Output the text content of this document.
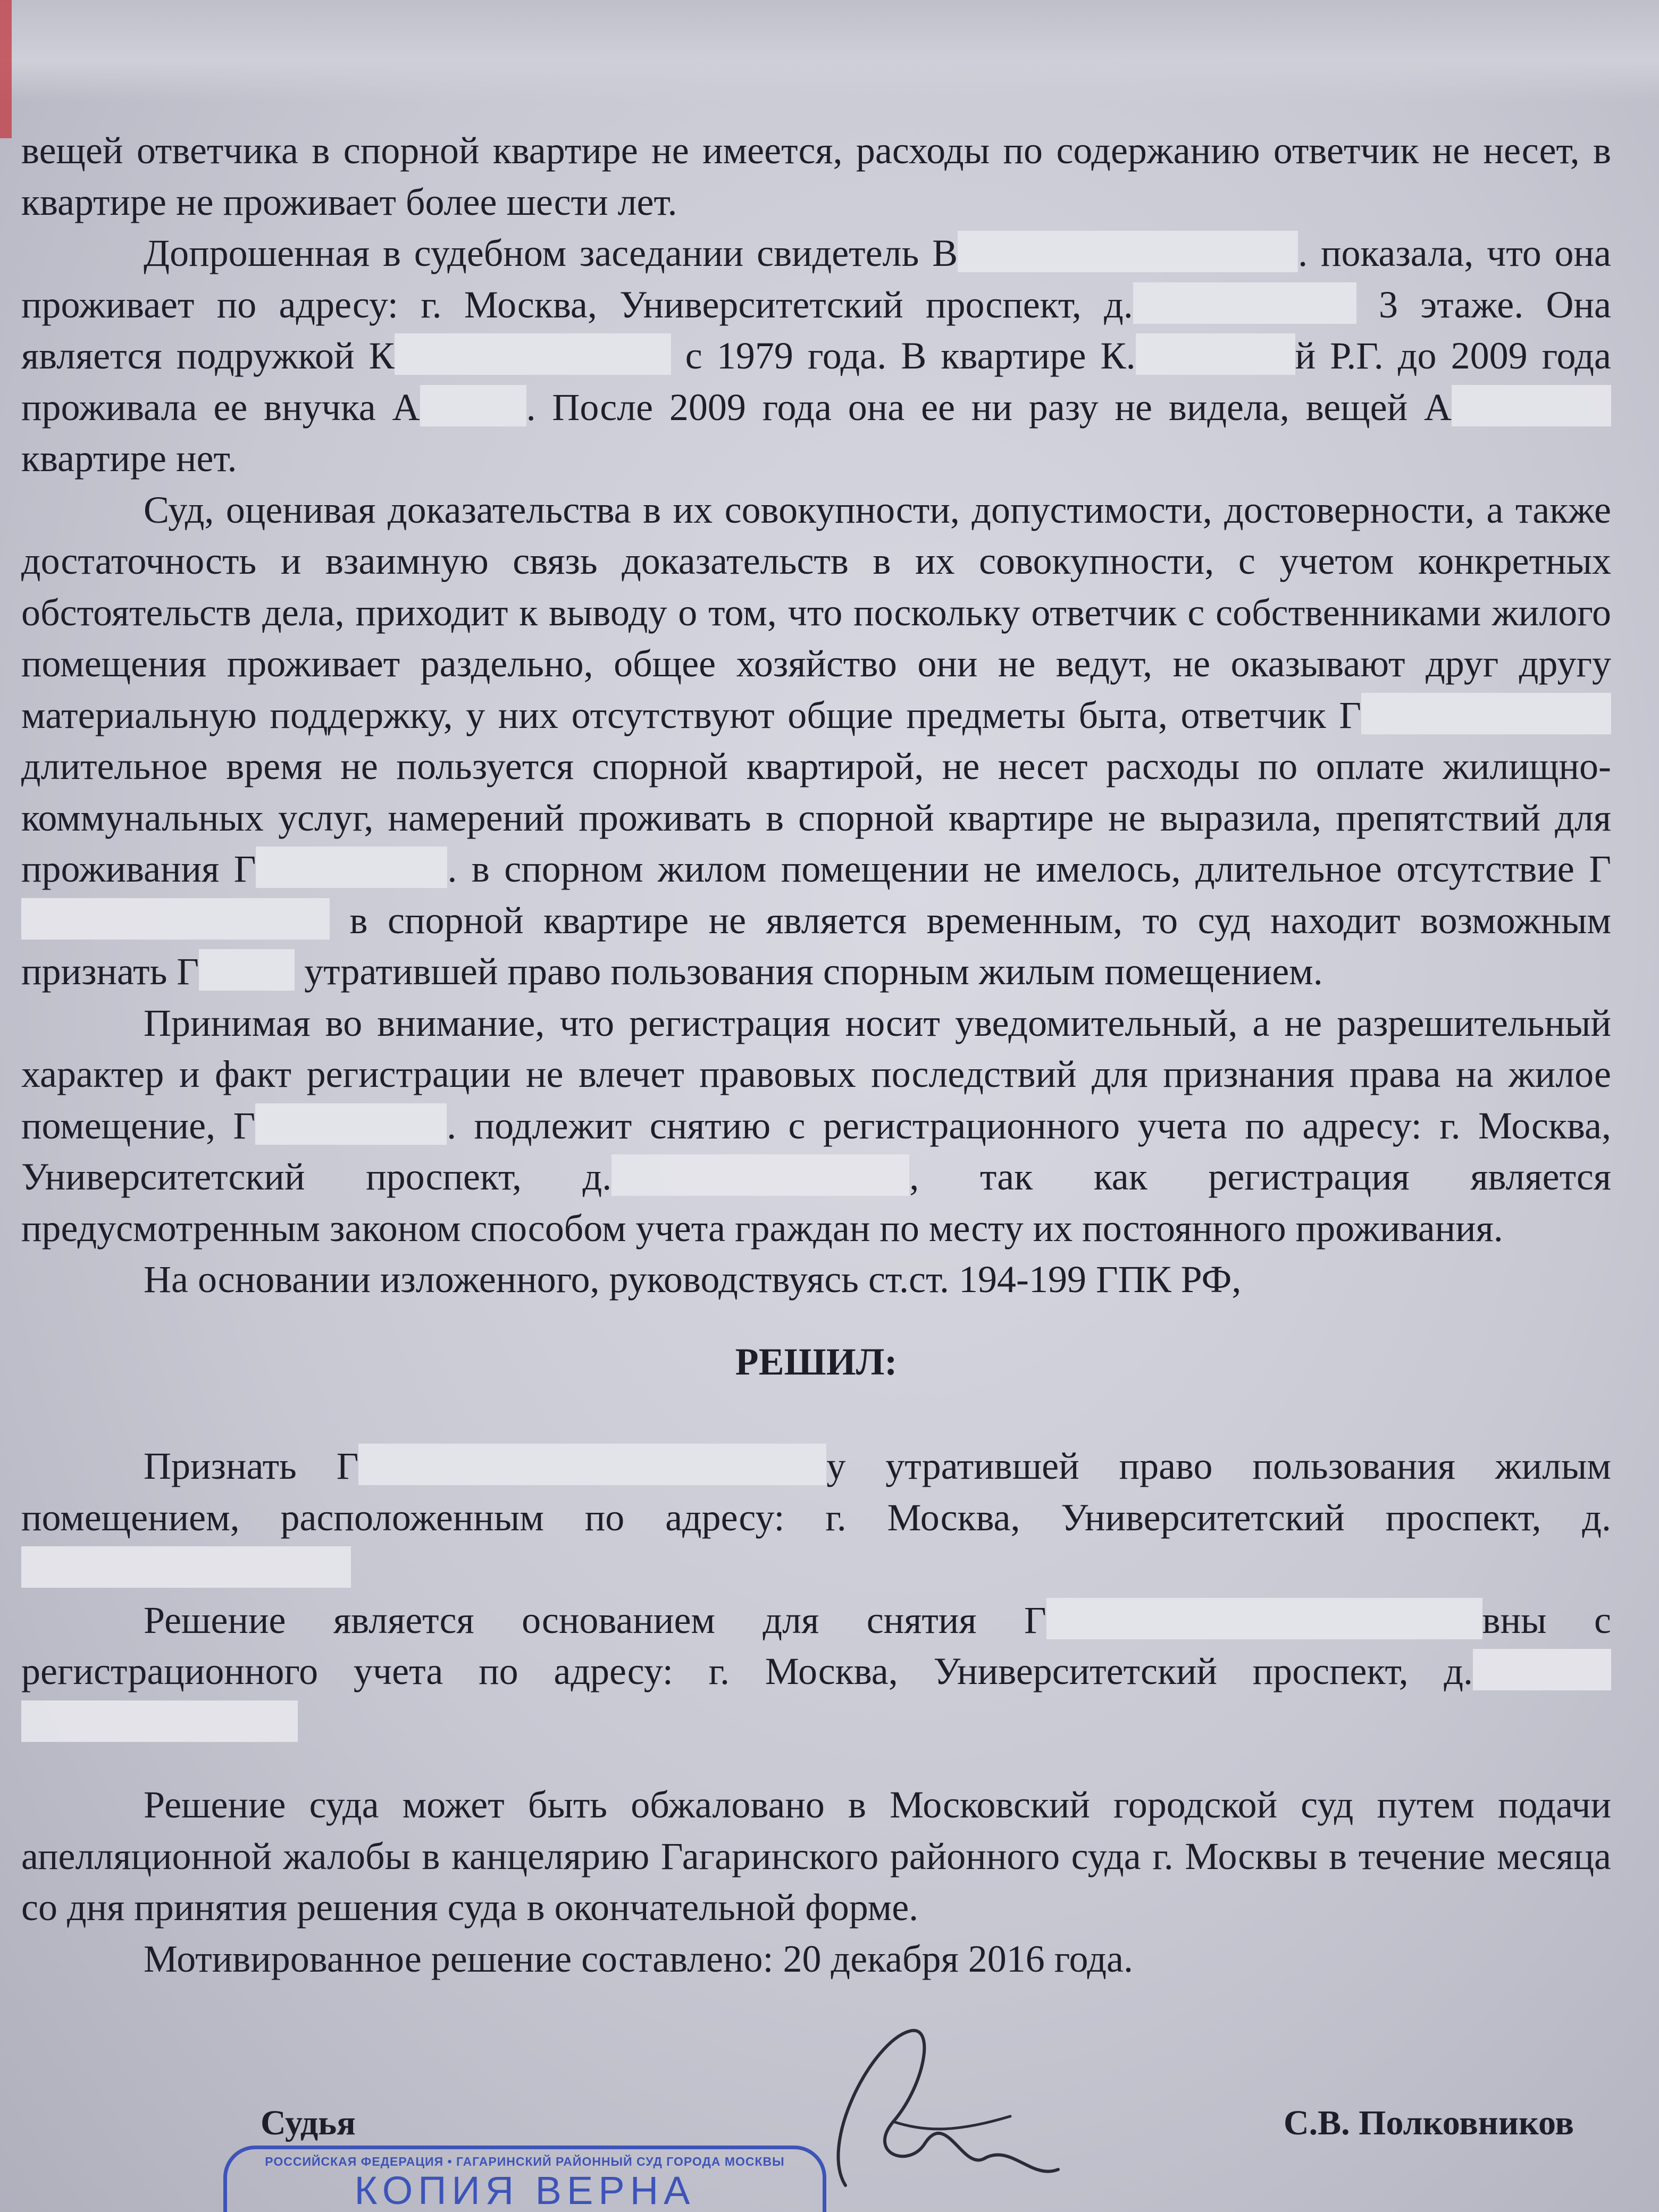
вещей ответчика в спорной квартире не имеется, расходы по содержанию ответчик не несет, в квартире не проживает более шести лет.

Допрошенная в судебном заседании свидетель В	. показала, что она проживает по адресу: г. Москва, Университетский проспект, д.	3 этаже. Она является подружкой К	с 1979 года. В квартире К.	й Р.Г. до 2009 года проживала ее внучка А	. После 2009 года она ее ни разу не видела, вещей А квартире нет.

Суд, оценивая доказательства в их совокупности, допустимости, достоверности, а также достаточность и взаимную связь доказательств в их совокупности, с учетом конкретных обстоятельств дела, приходит к выводу о том, что поскольку ответчик с собственниками жилого помещения проживает раздельно, общее хозяйство они не ведут, не оказывают друг другу материальную поддержку, у них отсутствуют общие предметы быта, ответчик Г длительное время не пользуется спорной квартирой, не несет расходы по оплате жилищно-коммунальных услуг, намерений проживать в спорной квартире не выразила, препятствий для проживания Г	. в спорном жилом помещении не имелось, длительное отсутствие Г в спорной квартире не является временным, то суд находит возможным признать Г	утратившей право пользования спорным жилым помещением.

Принимая во внимание, что регистрация носит уведомительный, а не разрешительный характер и факт регистрации не влечет правовых последствий для признания права на жилое помещение, Г	. подлежит снятию с регистрационного учета по адресу: г. Москва, Университетский проспект, д.	, так как регистрация является предусмотренным законом способом учета граждан по месту их постоянного проживания.

На основании изложенного, руководствуясь ст.ст. 194-199 ГПК РФ,

РЕШИЛ:

Признать Г	у утратившей право пользования жилым помещением, расположенным по адресу: г. Москва, Университетский проспект, д.

Решение является основанием для снятия Г	вны с регистрационного учета по адресу: г. Москва, Университетский проспект, д.

Решение суда может быть обжаловано в Московский городской суд путем подачи апелляционной жалобы в канцелярию Гагаринского районного суда г. Москвы в течение месяца со дня принятия решения суда в окончательной форме.

Мотивированное решение составлено: 20 декабря 2016 года.

Судья	С.В. Полковников
РОССИЙСКАЯ ФЕДЕРАЦИЯ • ГАГАРИНСКИЙ РАЙОННЫЙ СУД ГОРОДА МОСКВЫ
КОПИЯ ВЕРНА
